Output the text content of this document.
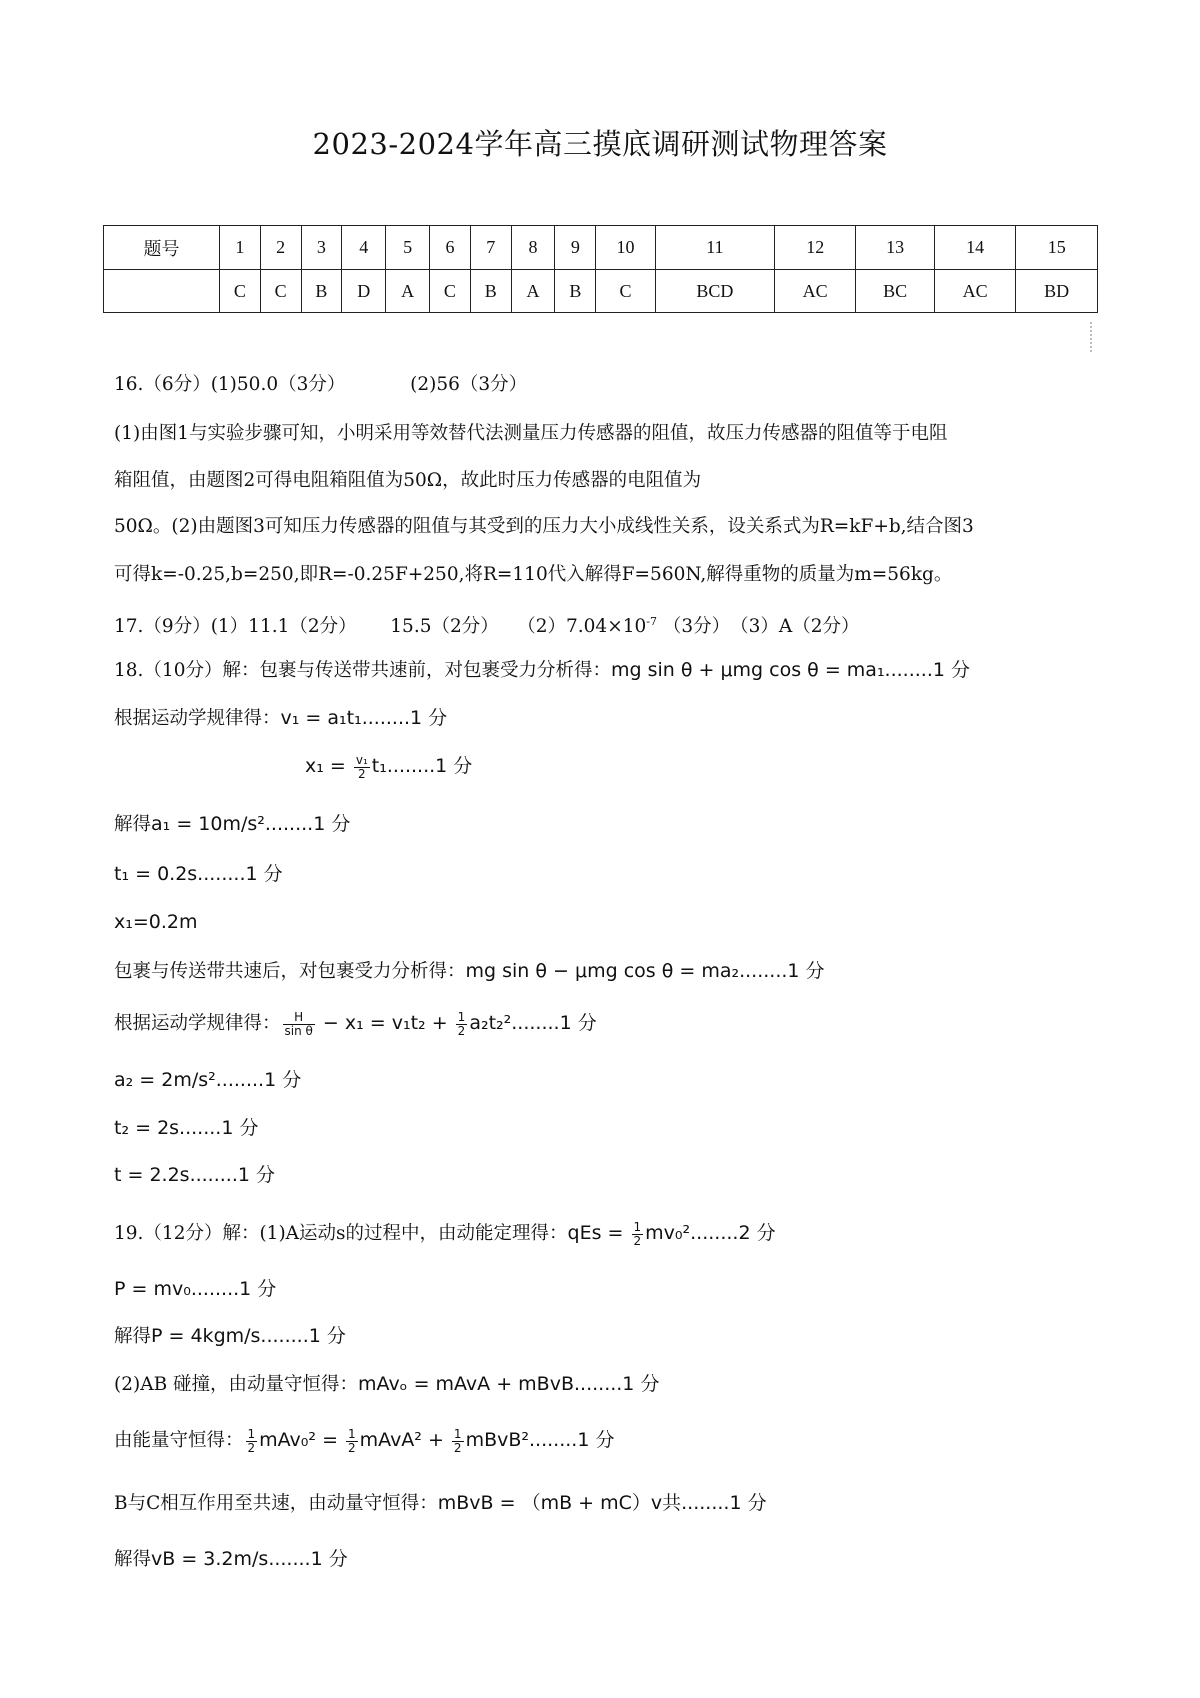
2023-2024学年高三摸底调研测试物理答案
题号	1	2	3	4	5	6	7	8	9	10	11	12	13	14	15
	C	C	B	D	A	C	B	A	B	C	BCD	AC	BC	AC	BD
16.（6分）(1)50.0（3分）　　　　(2)56（3分）
(1)由图1与实验步骤可知，小明采用等效替代法测量压力传感器的阻值，故压力传感器的阻值等于电阻
箱阻值，由题图2可得电阻箱阻值为50Ω，故此时压力传感器的电阻值为
50Ω。(2)由题图3可知压力传感器的阻值与其受到的压力大小成线性关系，设关系式为R=kF+b,结合图3
可得k=-0.25,b=250,即R=-0.25F+250,将R=110代入解得F=560N,解得重物的质量为m=56kg。
17.（9分）(1）11.1（2分）　　 15.5（2分）　　$(2)7.04\times 10^{-7}$ （3分）　（3）A（2分）
18.（10分）解：包裹与传送带共速前，对包裹受力分析得：mg sin θ + μmg cos θ = ma₁........1 分
根据运动学规律得：v₁ = a₁t₁........1 分
$x_1 = \frac{\text{v₁}}{2} t_1........1$ 分
解得a₁ = 10m/s²........1 分
t₁ = 0.2s........1 分
x₁=0.2m
包裹与传送带共速后，对包裹受力分析得：mg sin θ − μmg cos θ = ma₂........1 分
根据运动学规律得： $\frac{H}{\text{sin θ}} - x_1 = v_1t_2 + \frac{1}{2} a_2t_2^2........1$ 分
a₂ = 2m/s²........1 分
t₂ = 2s.......1 分
t = 2.2s........1 分
19.（12分）解：(1)A运动s的过程中，由动能定理得：qEs = $\frac{1}{2} mv_0^2........2$ 分
P = mv₀........1 分
解得P = 4kgm/s........1 分
(2)AB 碰撞，由动量守恒得：mAvₒ = mAvA + mBvB........1 分
由能量守恒得： $\frac{1}{2} mAv_0^2 = \frac{1}{2}$ mAvA² + $\frac{1}{2}$ mBvB²........1 分
B与C相互作用至共速，由动量守恒得：mBvB = （mB + mC）v共........1 分
解得vB = 3.2m/s.......1 分
